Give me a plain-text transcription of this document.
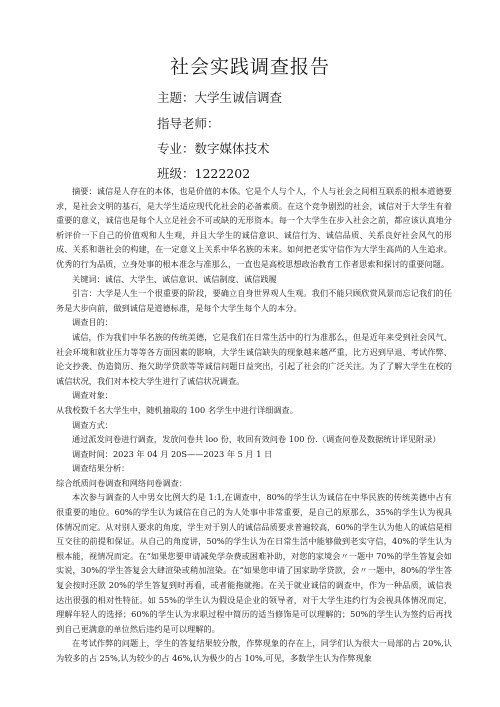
社会实践调查报告
主题：大学生诚信调查
指导老师：
专业：数字媒体技术
班级：1222202

摘要：诚信是人存在的本体，也是价值的本体。它是个人与个人，个人与社会之间相互联系的根本道德要求，是社会文明的基石，是大学生适应现代化社会的必备素质。在这个竞争剧烈的社会，诚信对于大学生有着重要的意义，诚信也是每个人立足社会不可或缺的无形资本。每一个大学生在步入社会之前，都应该认真地分析评价一下自己的价值观和人生观，并且大学生的诚信意识、诚信行为、诚信品质、关系良好社会风气的形成、关系和谐社会的构建，在一定意义上关系中华名族的未来。如何把老实守信作为大学生高尚的人生追求。优秀的行为品质，立身处事的根本准念与准那么，一直也是高校思想政治教育工作者思索和探讨的重要问题。

关键词：诚信、大学生、诚信意识、诚信制度、诚信践履

引言：大学是人生一个很重要的阶段，要确立自身世界观人生观。我们不能只顾欣赏风景而忘记我们的任务是大步向前，做到诚信是道德标准，是每个大学生每个人的本分。

调查目的：

诚信，作为我们中华名族的传统美德，它是我们在日常生活中的行为准那么，但是近年来受到社会风气、社会环境和就业压力等等各方面因素的影响，大学生诚信缺失的现象越来越严重，比方迟到早退、考试作弊、论文抄袭、伪造简历、拖欠助学贷款等等诚信问题日益突出，引起了社会的广泛关注。为了了解大学生在校的诚信状况，我们对本校大学生进行了诚信状况调查。

调查对象：

从我校数千名大学生中，随机抽取的 100 名学生中进行详细调查。

调查方式：

通过派发问卷进行调查，发放问卷共 loo 份，收回有效问卷 100 份.（调查问卷及数据统计详见附录）

调查时间：2023 年 04 月 20S——2023 年 5 月 1 日

调查结果分析：

综合纸质问卷调查和网络问卷调查：

本次参与调查的人中男女比例大约是 1:1,在调查中，80%的学生认为诚信在中华民族的传统美德中占有很重要的地位。60%的学生认为诚信在自己的为人处事中非常重要，是自己的原那么，35%的学生认为视具体情况而定。从对别人要求的角度，学生对于别人的诚信品质要求普遍较高，60%的学生认为他人的诚信是相互交往的前提和保证。从自己的角度讲，50%的学生认为在日常生活中能够做到老实守信，40%的学生认为根本能，视情况而定。在“如果您要申请减免学杂费或困难补助，对您的家境会〃一题中 70%的学生答复会如实说，30%的学生答复会大肆渲染或稍加渲染。在“如果您申请了国家助学贷款，会〃一题中，80%的学生答复会按时还款 20%的学生答复到时再看，或者能拖就拖。在关于就业诚信的调查中，作为一种品质，诚信表达出很强的相对性特征。如 55%的学生认为假设是企业的领导者，对于大学生违约行为会视具体情况而定，理解年轻人的选择；60%的学生认为求职过程中简历的适当修饰是可以理解的；50%的学生认为签约后再找到自己更满意的单位然后违约是可以理解的。

在考试作弊的问题上，学生的答复结果较分散，作弊现象的存在上，同学们认为很大一局部的占 20%,认为较多的占 25%,认为较少的占 46%,认为极少的占 10%,可见，多数学生认为作弊现象
